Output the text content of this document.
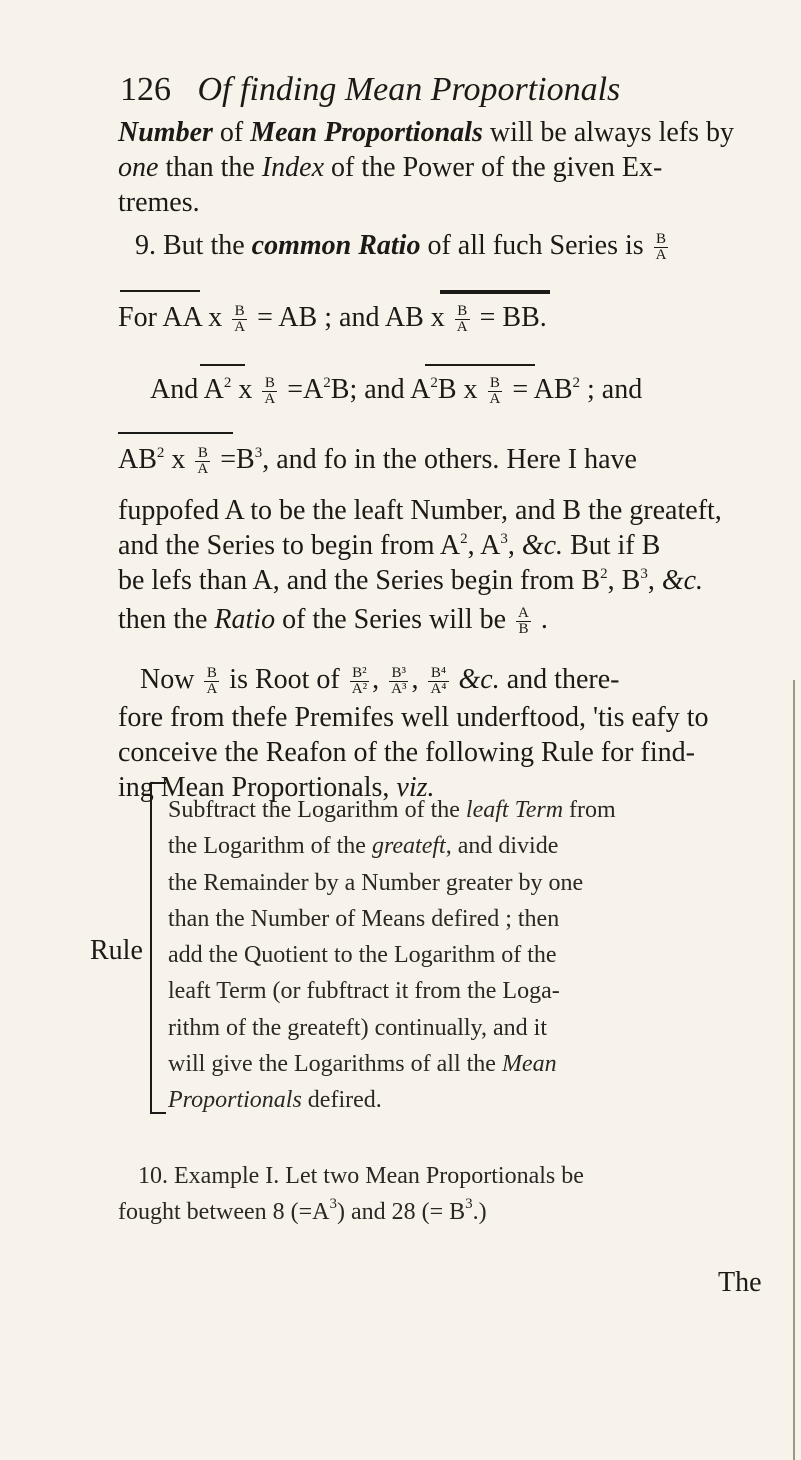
126 Of finding Mean Proportionals
Number of Mean Proportionals will be always lefs by
one than the Index of the Power of the given Ex-
tremes.
9. But the common Ratio of all fuch Series is $\frac{B}{A}$
For AA x $\frac{B}{A}$ = AB ; and AB x $\frac{B}{A}$ = BB.
And $A^2$ x $\frac{B}{A} =A^2B$; and $A^2B$ x $\frac{B}{A} = AB^2$ ; and
$AB^2$ x $\frac{B}{A} =B^3$, and fo in the others. Here I have
fuppofed A to be the leaft Number, and B the greateft,
and the Series to begin from $A^2$, $A^3$, &c. But if B
be lefs than A, and the Series begin from $B^2$, $B^3$, &c.
then the Ratio of the Series will be $\frac{A}{B}$ .
Now $\frac{B}{A}$ is Root of $\frac{\text{B²}}{\text{A²}}$ , $\frac{\text{B³}}{\text{A³}}$ , $\frac{\text{B⁴}}{\text{A⁴}}$ &c. and there-
fore from thefe Premifes well underftood, 'tis eafy to
conceive the Reafon of the following Rule for find-
ing Mean Proportionals, viz.
Rule
Subftract the Logarithm of the leaft Term from
the Logarithm of the greateft, and divide
the Remainder by a Number greater by one
than the Number of Means defired ; then
add the Quotient to the Logarithm of the
leaft Term (or fubftract it from the Loga-
rithm of the greateft) continually, and it
will give the Logarithms of all the Mean
Proportionals defired.
10. Example I. Let two Mean Proportionals be
fought between 8 $(=A^3)$ and 28 (= $B^3$.)
The
